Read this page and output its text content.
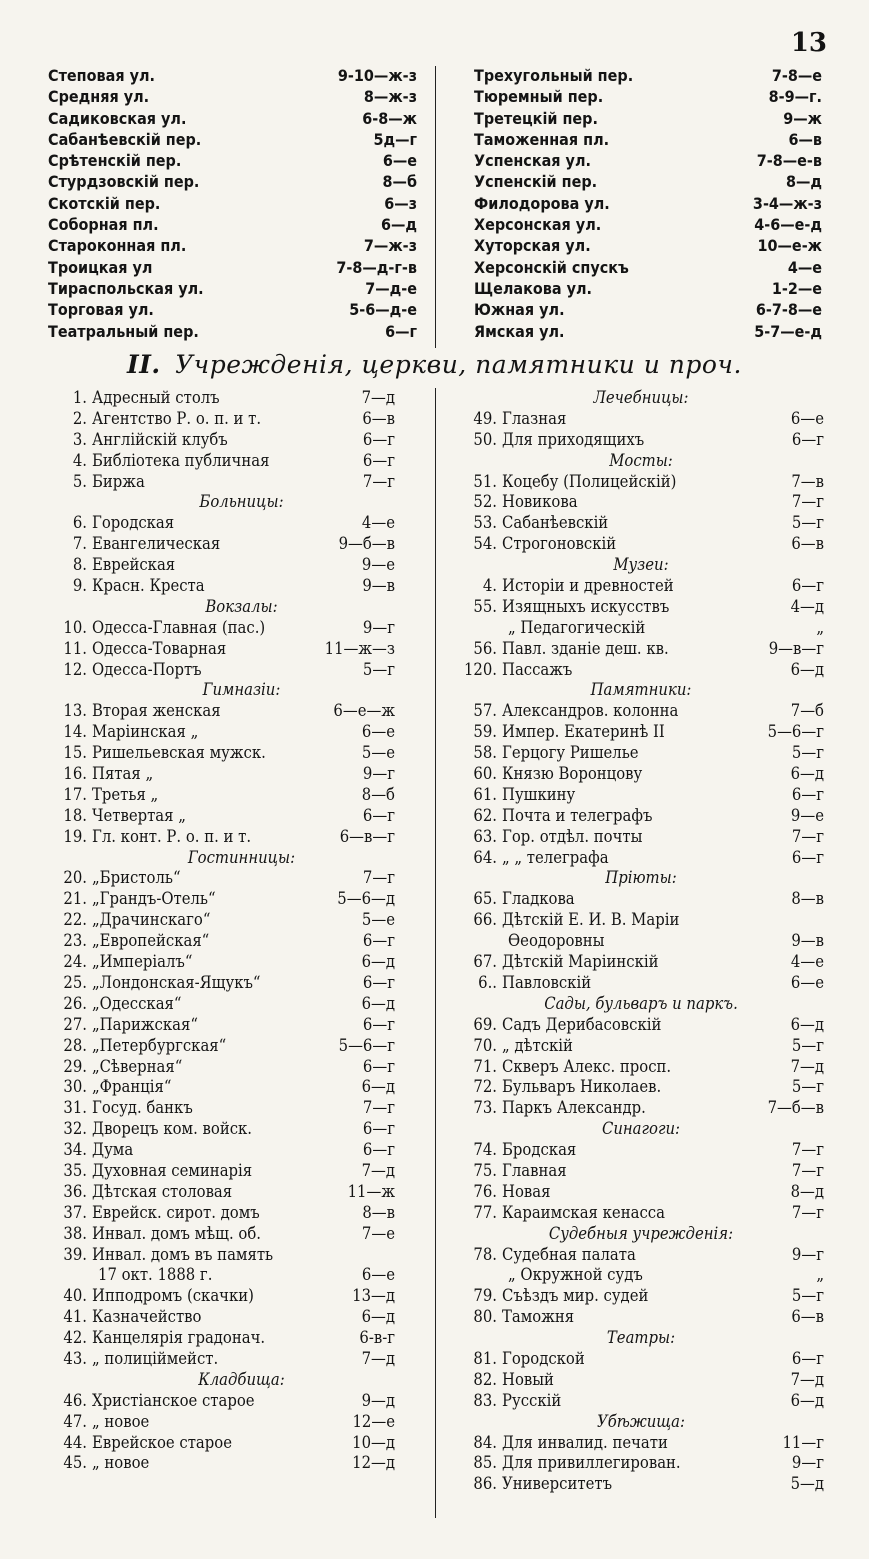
13
Степовая ул.	9-10—ж-з
Средняя ул.	8—ж-з
Садиковская ул.	6-8—ж
Сабанѣевскій пер.	5д—г
Срѣтенскій пер.	6—е
Стурдзовскій пер.	8—б
Скотскій пер.	6—з
Соборная пл.	6—д
Староконная пл.	7—ж-з
Троицкая ул	7-8—д-г-в
Тираспольская ул.	7—д-е
Торговая ул.	5-6—д-е
Театральный пер.	6—г
Трехугольный пер.	7-8—е
Тюремный пер.	8-9—г.
Третецкій пер.	9—ж
Таможенная пл.	6—в
Успенская ул.	7-8—е-в
Успенскій пер.	8—д
Филодорова ул.	3-4—ж-з
Херсонская ул.	4-6—е-д
Хуторская ул.	10—е-ж
Херсонскій спускъ	4—е
Щелакова ул.	1-2—е
Южная ул.	6-7-8—е
Ямская ул.	5-7—е-д
II. Учрежденія, церкви, памятники и проч.
1. Адресный столъ	7—д
2. Агентство Р. о. п. и т.	6—в
3. Англійскій клубъ	6—г
4. Библіотека публичная	6—г
5. Биржа	7—г
Больницы:
6. Городская	4—е
7. Евангелическая	9—б—в
8. Еврейская	9—е
9. Красн. Креста	9—в
Вокзалы:
10. Одесса-Главная (пас.)	9—г
11. Одесса-Товарная	11—ж—з
12. Одесса-Портъ	5—г
Гимназіи:
13. Вторая женская	6—е—ж
14. Маріинская „	6—е
15. Ришельевская мужск.	5—е
16. Пятая „	9—г
17. Третья „	8—б
18. Четвертая „	6—г
19. Гл. конт. Р. о. п. и т.	6—в—г
Гостинницы:
20. „Бристоль“	7—г
21. „Грандъ-Отель“	5—6—д
22. „Драчинскаго“	5—е
23. „Европейская“	6—г
24. „Имперіалъ“	6—д
25. „Лондонская-Ящукъ“	6—г
26. „Одесская“	6—д
27. „Парижская“	6—г
28. „Петербургская“	5—6—г
29. „Сѣверная“	6—г
30. „Франція“	6—д
31. Госуд. банкъ	7—г
32. Дворецъ ком. войск.	6—г
34. Дума	6—г
35. Духовная семинарія	7—д
36. Дѣтская столовая	11—ж
37. Еврейск. сирот. домъ	8—в
38. Инвал. домъ мѣщ. об.	7—е
39. Инвал. домъ въ память
17 окт. 1888 г.	6—е
40. Ипподромъ (скачки)	13—д
41. Казначейство	6—д
42. Канцелярія градонач.	6-в-г
43. „ полиціймейст.	7—д
Кладбища:
46. Христіанское старое	9—д
47. „ новое	12—е
44. Еврейское старое	10—д
45. „ новое	12—д
Лечебницы:
49. Глазная	6—е
50. Для приходящихъ	6—г
Мосты:
51. Коцебу (Полицейскій)	7—в
52. Новикова	7—г
53. Сабанѣевскій	5—г
54. Строгоновскій	6—в
Музеи:
4. Исторіи и древностей	6—г
55. Изящныхъ искусствъ	4—д
„ Педагогическій	„
56. Павл. зданіе деш. кв.	9—в—г
120. Пассажъ	6—д
Памятники:
57. Александров. колонна	7—б
59. Импер. Екатеринѣ II	5—6—г
58. Герцогу Ришелье	5—г
60. Князю Воронцову	6—д
61. Пушкину	6—г
62. Почта и телеграфъ	9—е
63. Гор. отдѣл. почты	7—г
64. „ „ телеграфа	6—г
Пріюты:
65. Гладкова	8—в
66. Дѣтскій Е. И. В. Маріи
Ѳеодоровны	9—в
67. Дѣтскій Маріинскій	4—е
6.. Павловскій	6—е
Сады, бульваръ и паркъ.
69. Садъ Дерибасовскій	6—д
70. „ дѣтскій	5—г
71. Скверъ Алекс. просп.	7—д
72. Бульваръ Николаев.	5—г
73. Паркъ Александр.	7—б—в
Синагоги:
74. Бродская	7—г
75. Главная	7—г
76. Новая	8—д
77. Караимская кенасса	7—г
Судебныя учрежденія:
78. Судебная палата	9—г
„ Окружной судъ	„
79. Съѣздъ мир. судей	5—г
80. Таможня	6—в
Театры:
81. Городской	6—г
82. Новый	7—д
83. Русскій	6—д
Убѣжища:
84. Для инвалид. печати	11—г
85. Для привиллегирован.	9—г
86. Университетъ	5—д
